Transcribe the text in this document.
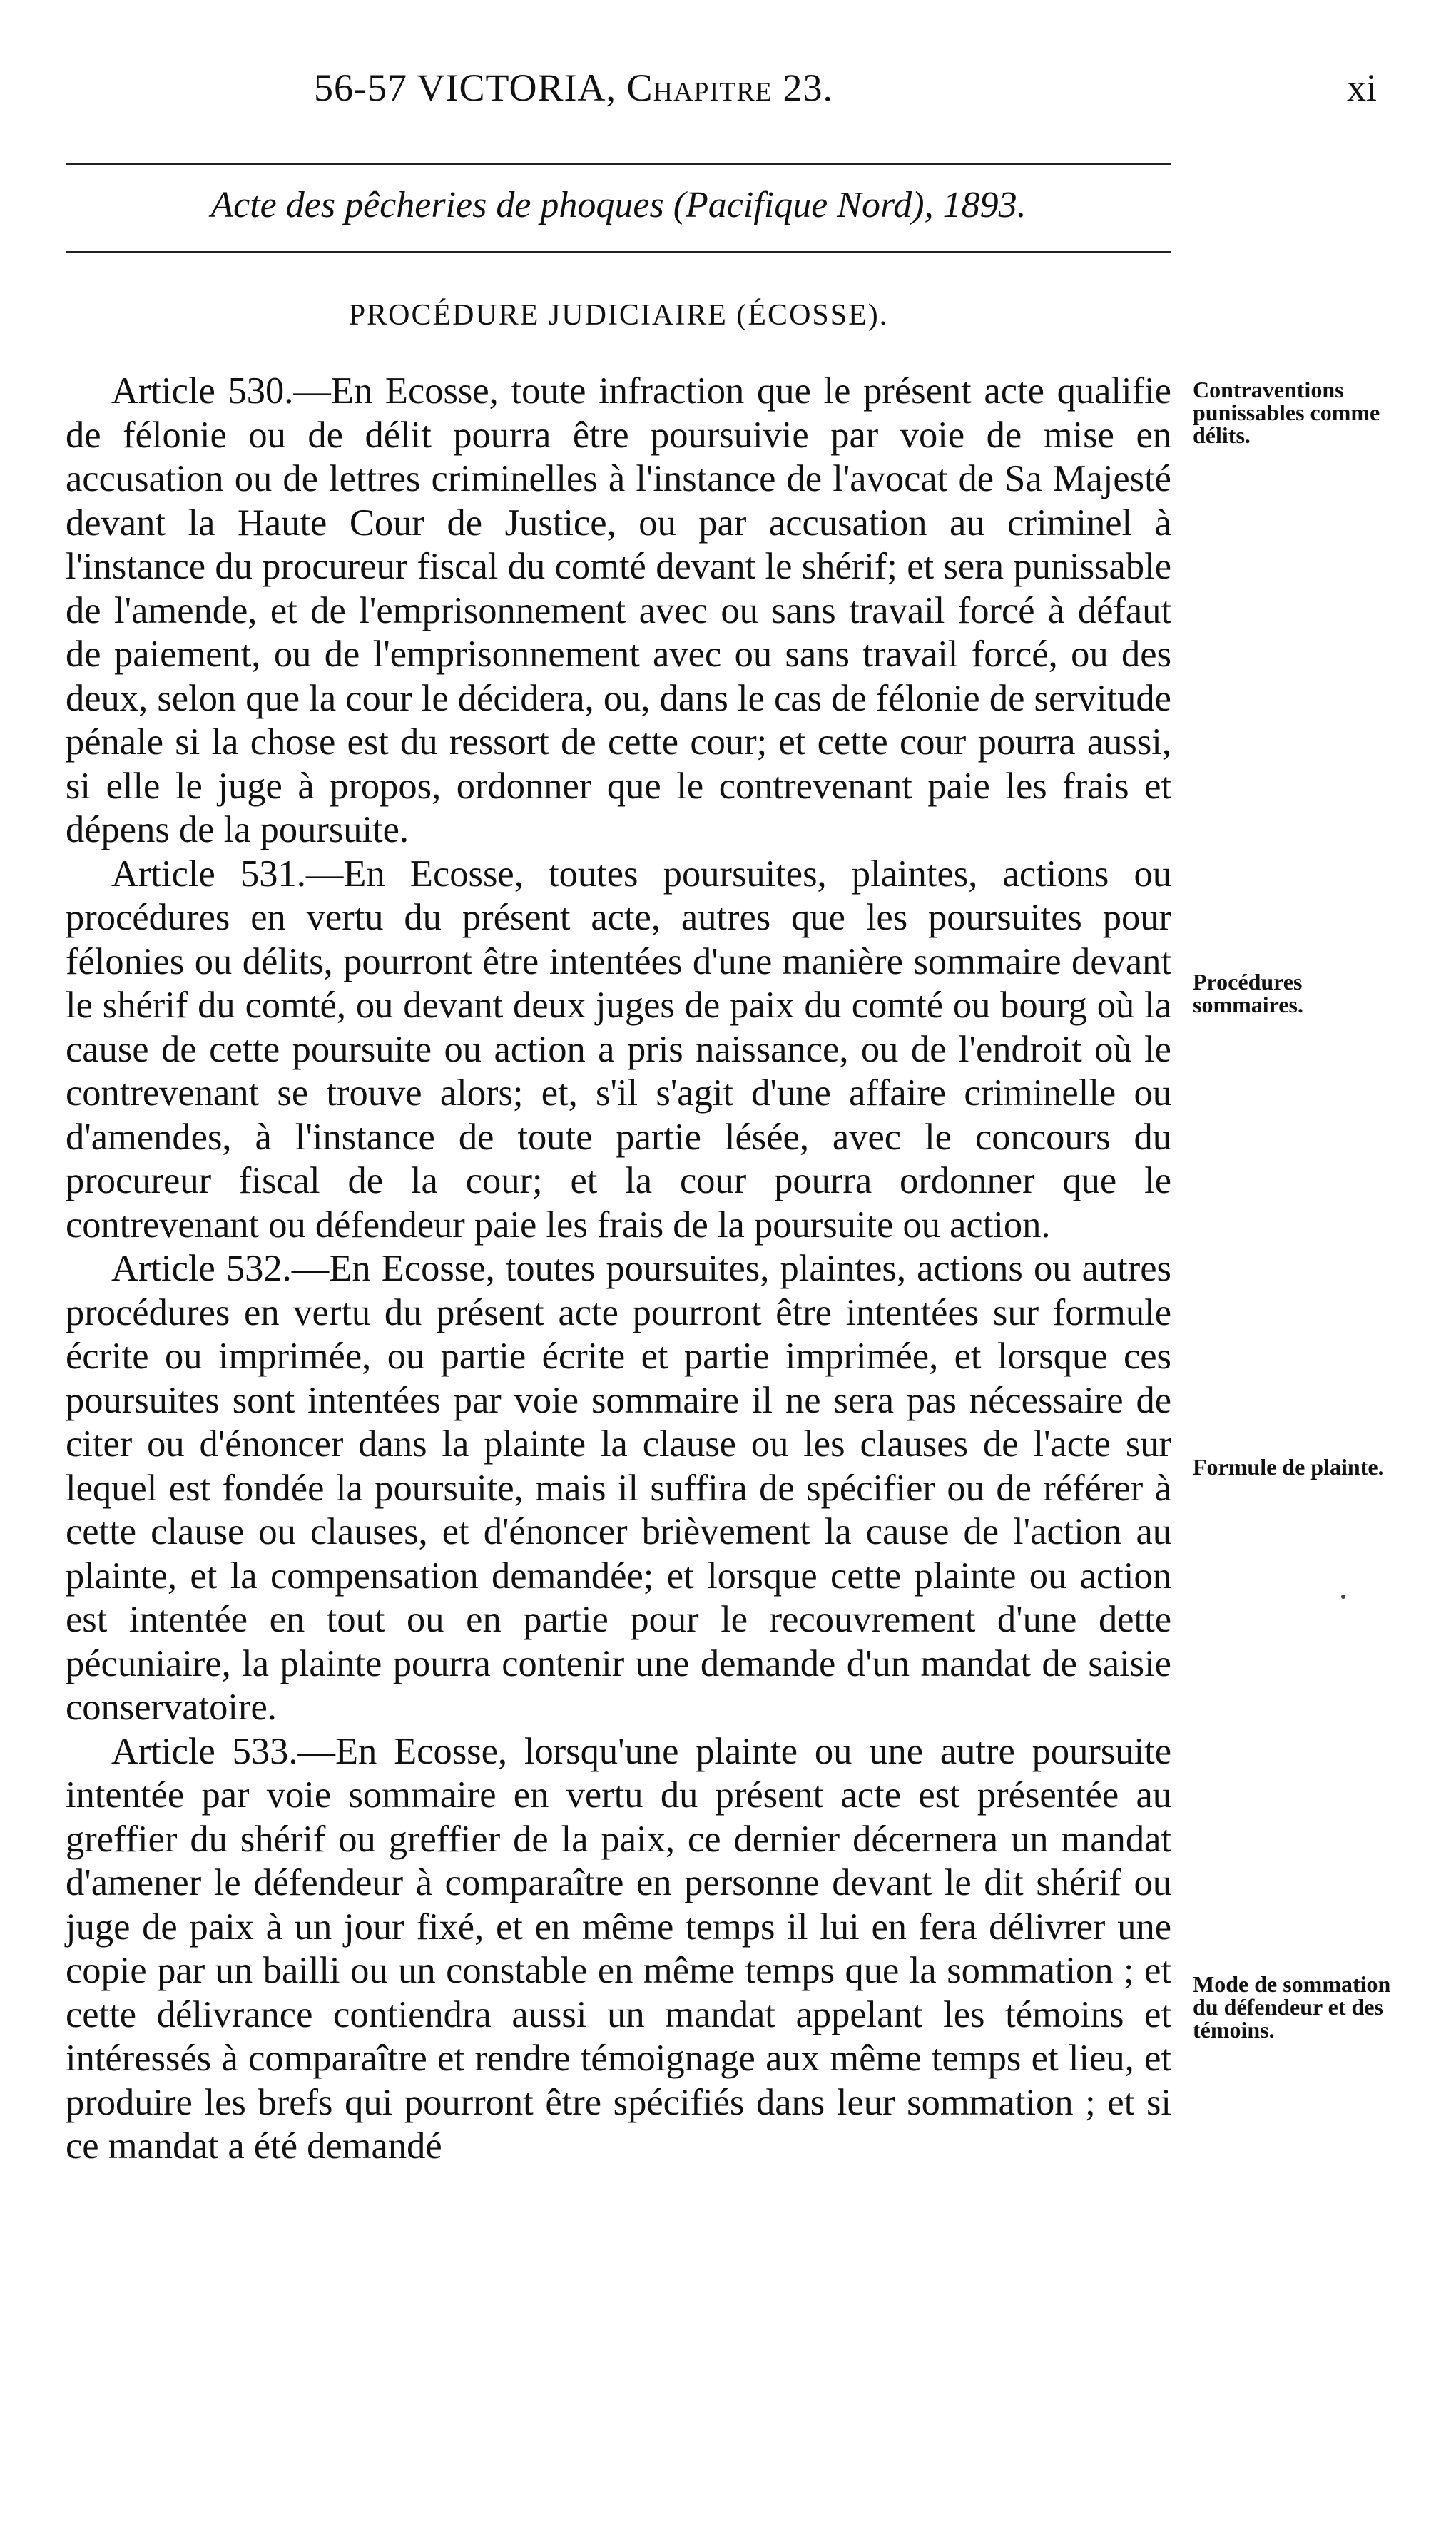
56-57 VICTORIA, Chapitre 23.	xi
Acte des pêcheries de phoques (Pacifique Nord), 1893.
PROCÉDURE JUDICIAIRE (ÉCOSSE).

Article 530.—En Ecosse, toute infraction que le présent acte qualifie de félonie ou de délit pourra être poursuivie par voie de mise en accusation ou de lettres criminelles à l'instance de l'avocat de Sa Majesté devant la Haute Cour de Justice, ou par accusation au criminel à l'instance du procureur fiscal du comté devant le shérif; et sera punissable de l'amende, et de l'emprisonnement avec ou sans travail forcé à défaut de paiement, ou de l'emprisonnement avec ou sans travail forcé, ou des deux, selon que la cour le décidera, ou, dans le cas de félonie de servitude pénale si la chose est du ressort de cette cour; et cette cour pourra aussi, si elle le juge à propos, ordonner que le contrevenant paie les frais et dépens de la poursuite.

Article 531.—En Ecosse, toutes poursuites, plaintes, actions ou procédures en vertu du présent acte, autres que les poursuites pour félonies ou délits, pourront être intentées d'une manière sommaire devant le shérif du comté, ou devant deux juges de paix du comté ou bourg où la cause de cette poursuite ou action a pris naissance, ou de l'endroit où le contrevenant se trouve alors; et, s'il s'agit d'une affaire criminelle ou d'amendes, à l'instance de toute partie lésée, avec le concours du procureur fiscal de la cour; et la cour pourra ordonner que le contrevenant ou défendeur paie les frais de la poursuite ou action.

Article 532.—En Ecosse, toutes poursuites, plaintes, actions ou autres procédures en vertu du présent acte pourront être intentées sur formule écrite ou imprimée, ou partie écrite et partie imprimée, et lorsque ces poursuites sont intentées par voie sommaire il ne sera pas nécessaire de citer ou d'énoncer dans la plainte la clause ou les clauses de l'acte sur lequel est fondée la poursuite, mais il suffira de spécifier ou de référer à cette clause ou clauses, et d'énoncer brièvement la cause de l'action au plainte, et la compensation demandée; et lorsque cette plainte ou action est intentée en tout ou en partie pour le recouvrement d'une dette pécuniaire, la plainte pourra contenir une demande d'un mandat de saisie conservatoire.

Article 533.—En Ecosse, lorsqu'une plainte ou une autre poursuite intentée par voie sommaire en vertu du présent acte est présentée au greffier du shérif ou greffier de la paix, ce dernier décernera un mandat d'amener le défendeur à comparaître en personne devant le dit shérif ou juge de paix à un jour fixé, et en même temps il lui en fera délivrer une copie par un bailli ou un constable en même temps que la sommation ; et cette délivrance contiendra aussi un mandat appelant les témoins et intéressés à comparaître et rendre témoignage aux même temps et lieu, et produire les brefs qui pourront être spécifiés dans leur sommation ; et si ce mandat a été demandé

Contraventions punissables comme délits.
Procédures sommaires.
Formule de plainte.
Mode de sommation du défendeur et des témoins.
